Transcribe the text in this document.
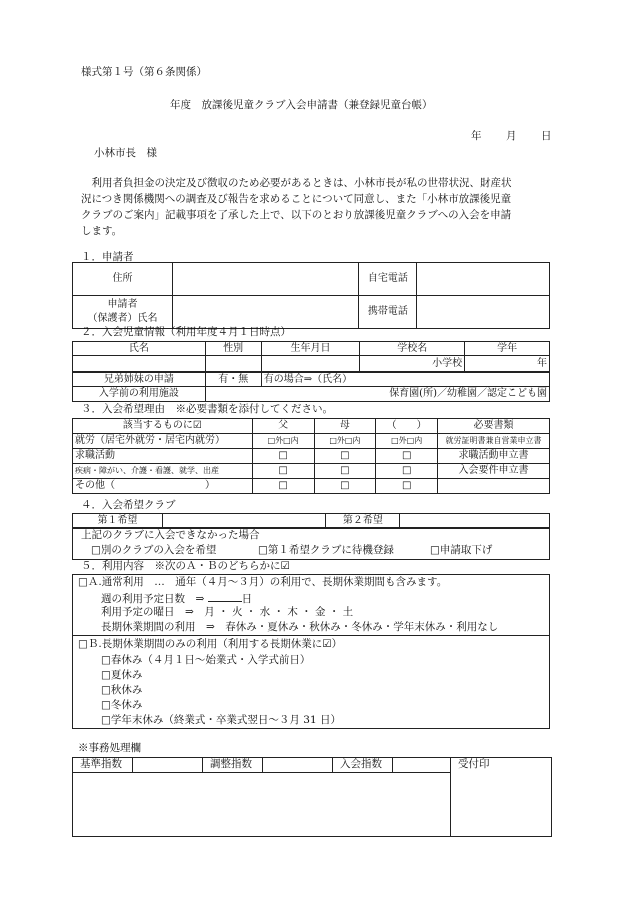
様式第１号（第６条関係）
年度　放課後児童クラブ入会申請書（兼登録児童台帳）
年 月 日
小林市長　様
　利用者負担金の決定及び徴収のため必要があるときは、小林市長が私の世帯状況、財産状
況につき関係機関への調査及び報告を求めることについて同意し、また「小林市放課後児童
クラブのご案内」記載事項を了承した上で、以下のとおり放課後児童クラブへの入会を申請
します。
１．申請者
住所		自宅電話	
申請者
（保護者）氏名		携帯電話	
２．入会児童情報（利用年度４月１日時点）
氏名	性別	生年月日	学校名	学年
			小学校	年
兄弟姉妹の申請	有・無	有の場合⇒（氏名）
入学前の利用施設	保育園(所)／幼稚園／認定こども園	
３．入会希望理由　※必要書類を添付してください。
該当するものに☑	父	母	（　　）	必要書類
就労（居宅外就労・居宅内就労）	□外□内	□外□内	□外□内	就労証明書兼自営業申立書
求職活動	□	□	□	求職活動申立書
疾病・障がい、介護・看護、就学、出産	□	□	□	入会要件申立書
その他（　　　　　　　　　）	□	□	□	
４．入会希望クラブ
第１希望		第２希望	
上記のクラブに入会できなかった場合
□別のクラブの入会を希望	□第１希望クラブに待機登録	□申請取下げ
５．利用内容　※次のＡ・Ｂのどちらかに☑
□Ａ.通常利用　…　通年（４月～３月）の利用で、長期休業期間も含みます。
週の利用予定日数　⇒	日
利用予定の曜日　⇒　月 ・ 火 ・ 水 ・ 木 ・ 金 ・ 土
長期休業期間の利用　⇒　春休み・夏休み・秋休み・冬休み・学年末休み・利用なし
□Ｂ.長期休業期間のみの利用（利用する長期休業に☑）
□春休み（４月１日～始業式・入学式前日）
□夏休み
□秋休み
□冬休み
□学年末休み（終業式・卒業式翌日～３月 31 日）
※事務処理欄
基準指数	調整指数	入会指数	受付印
